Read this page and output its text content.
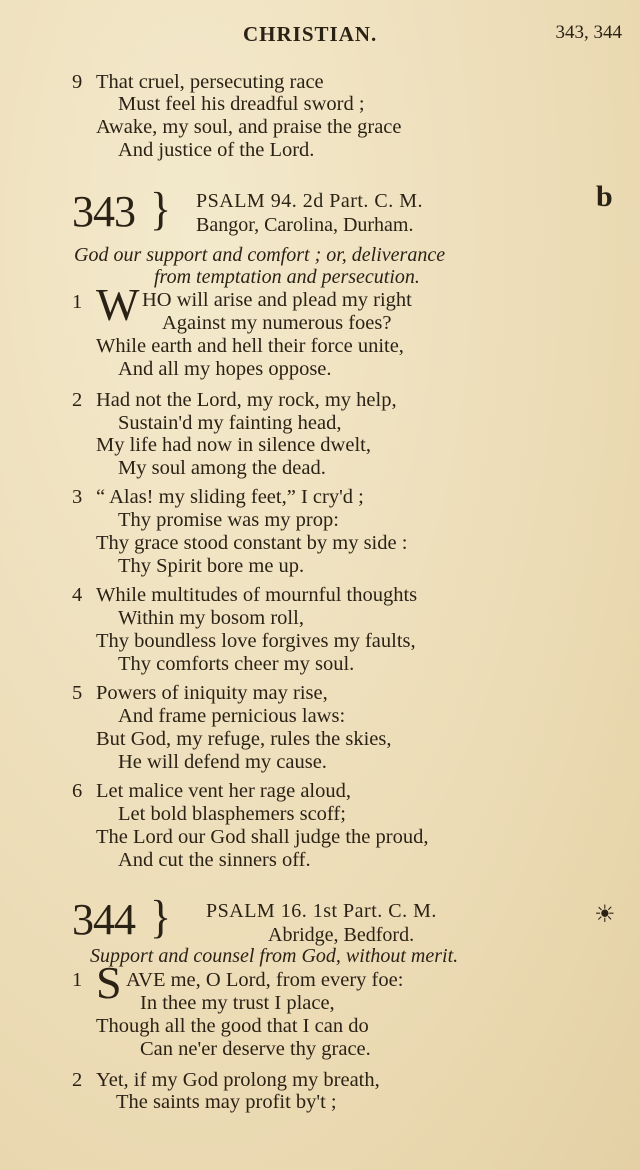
CHRISTIAN.	343, 344
9 That cruel, persecuting race
Must feel his dreadful sword ;
Awake, my soul, and praise the grace
And justice of the Lord.
343 } PSALM 94. 2d Part. C. M.
Bangor, Carolina, Durham.
b
God our support and comfort ; or, deliverance
from temptation and persecution.
1 W HO will arise and plead my right
Against my numerous foes?
While earth and hell their force unite,
And all my hopes oppose.
2 Had not the Lord, my rock, my help,
Sustain'd my fainting head,
My life had now in silence dwelt,
My soul among the dead.
3 “ Alas! my sliding feet,” I cry'd ;
Thy promise was my prop:
Thy grace stood constant by my side :
Thy Spirit bore me up.
4 While multitudes of mournful thoughts
Within my bosom roll,
Thy boundless love forgives my faults,
Thy comforts cheer my soul.
5 Powers of iniquity may rise,
And frame pernicious laws:
But God, my refuge, rules the skies,
He will defend my cause.
6 Let malice vent her rage aloud,
Let bold blasphemers scoff;
The Lord our God shall judge the proud,
And cut the sinners off.
344 } PSALM 16. 1st Part. C. M.
Abridge, Bedford.
☀
Support and counsel from God, without merit.
1 S AVE me, O Lord, from every foe:
In thee my trust I place,
Though all the good that I can do
Can ne'er deserve thy grace.
2 Yet, if my God prolong my breath,
The saints may profit by't ;
